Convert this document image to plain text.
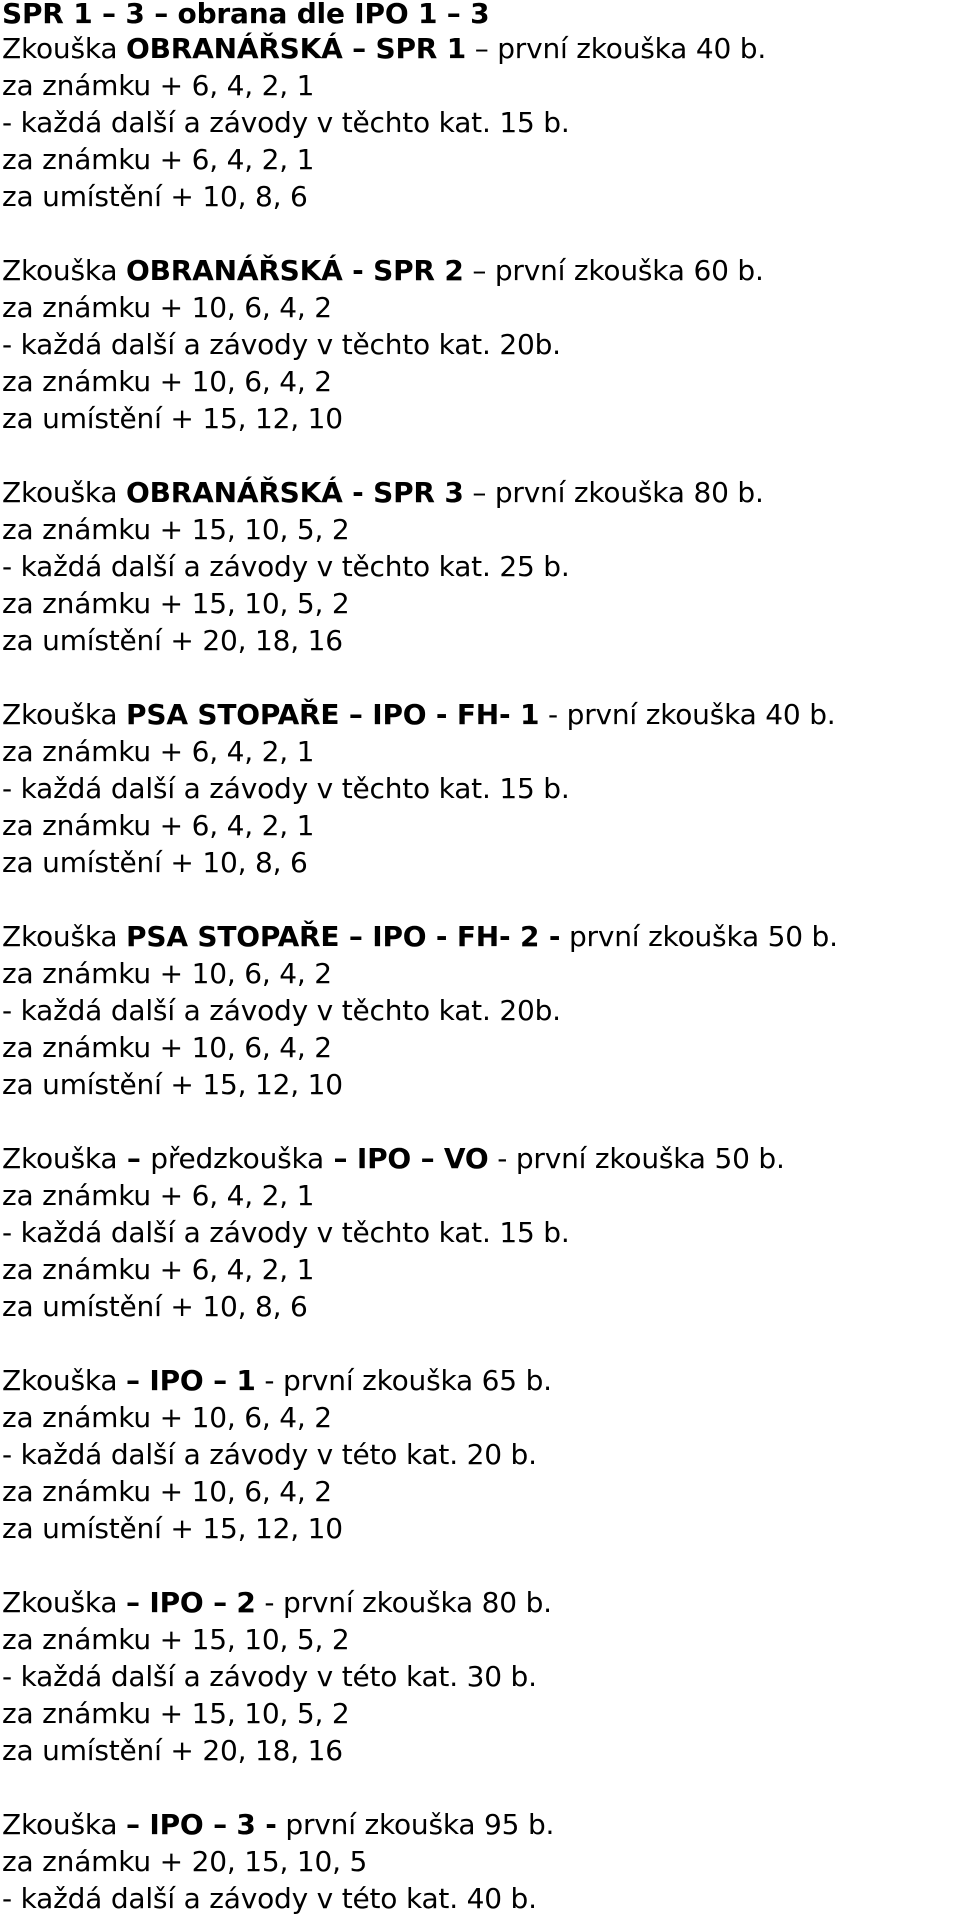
SPR 1 – 3 – obrana dle IPO 1 – 3
Zkouška OBRANÁŘSKÁ – SPR 1 – první zkouška 40 b.
za známku + 6, 4, 2, 1
- každá další a závody v těchto kat. 15 b.
za známku + 6, 4, 2, 1
za umístění + 10, 8, 6
Zkouška OBRANÁŘSKÁ - SPR 2 – první zkouška 60 b.
za známku + 10, 6, 4, 2
- každá další a závody v těchto kat. 20b.
za známku + 10, 6, 4, 2
za umístění + 15, 12, 10
Zkouška OBRANÁŘSKÁ - SPR 3 – první zkouška 80 b.
za známku + 15, 10, 5, 2
- každá další a závody v těchto kat. 25 b.
za známku + 15, 10, 5, 2
za umístění + 20, 18, 16
Zkouška PSA STOPAŘE – IPO - FH- 1 - první zkouška 40 b.
za známku + 6, 4, 2, 1
- každá další a závody v těchto kat. 15 b.
za známku + 6, 4, 2, 1
za umístění + 10, 8, 6
Zkouška PSA STOPAŘE – IPO - FH- 2 - první zkouška 50 b.
za známku + 10, 6, 4, 2
- každá další a závody v těchto kat. 20b.
za známku + 10, 6, 4, 2
za umístění + 15, 12, 10
Zkouška – předzkouška – IPO – VO - první zkouška 50 b.
za známku + 6, 4, 2, 1
- každá další a závody v těchto kat. 15 b.
za známku + 6, 4, 2, 1
za umístění + 10, 8, 6
Zkouška – IPO – 1 - první zkouška 65 b.
za známku + 10, 6, 4, 2
- každá další a závody v této kat. 20 b.
za známku + 10, 6, 4, 2
za umístění + 15, 12, 10
Zkouška – IPO – 2 - první zkouška 80 b.
za známku + 15, 10, 5, 2
- každá další a závody v této kat. 30 b.
za známku + 15, 10, 5, 2
za umístění + 20, 18, 16
Zkouška – IPO – 3 - první zkouška 95 b.
za známku + 20, 15, 10, 5
- každá další a závody v této kat. 40 b.
